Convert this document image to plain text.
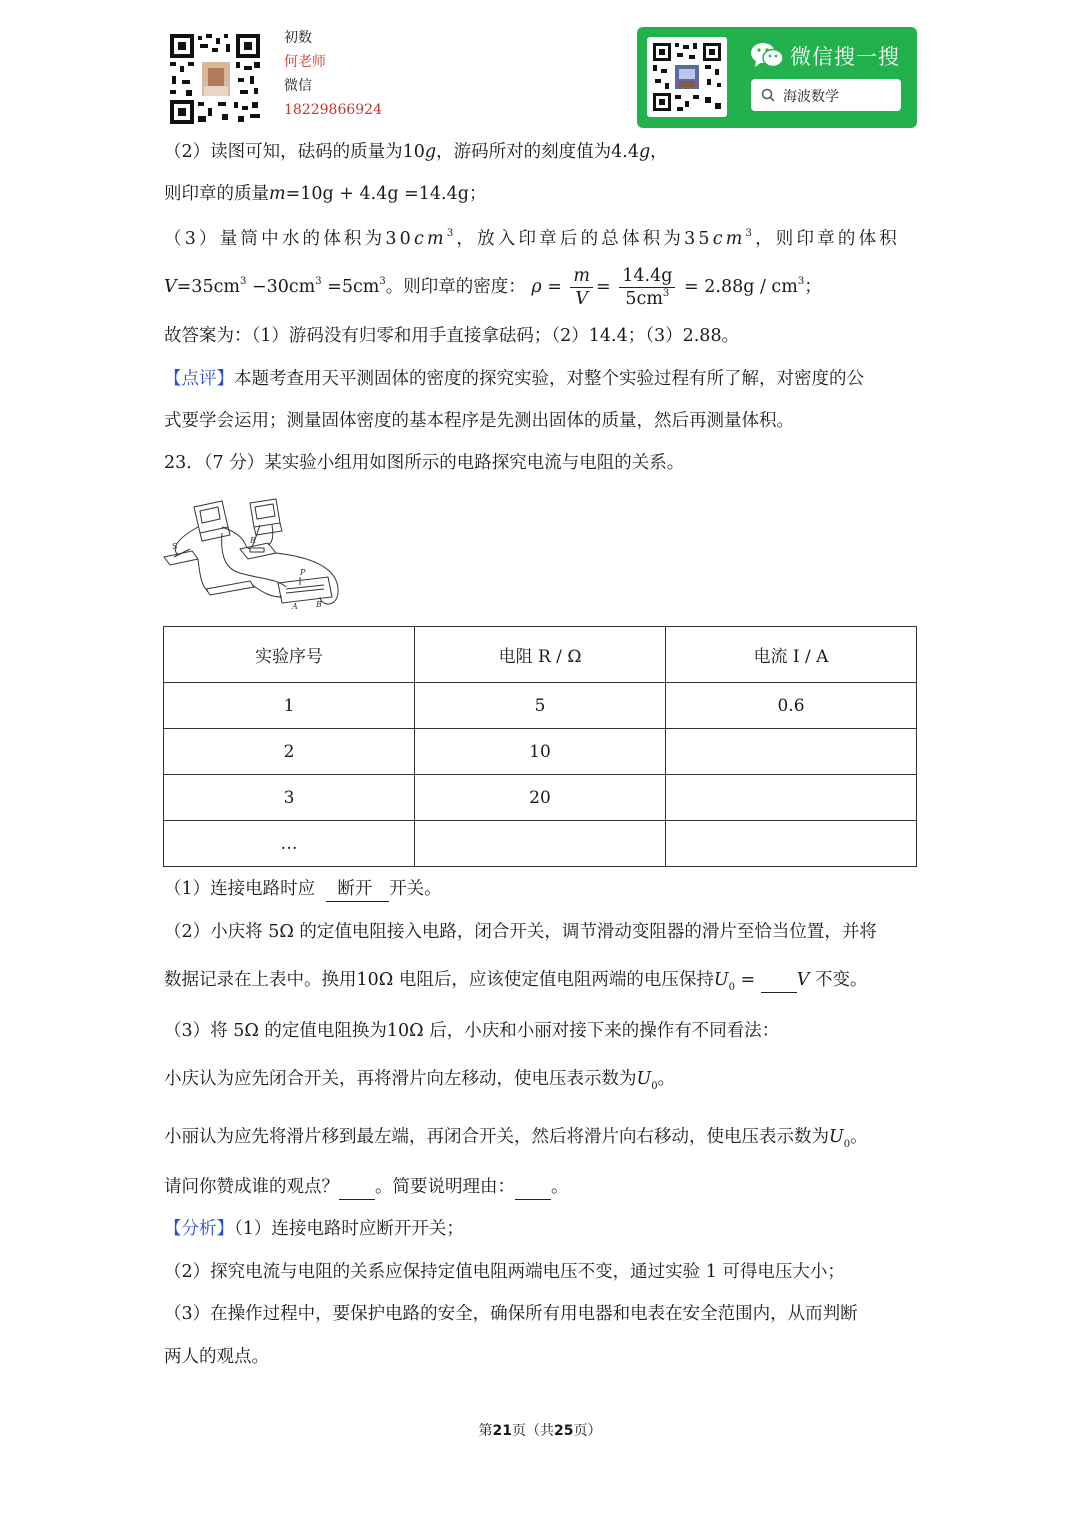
初数
何老师
微信
18229866924
微信搜一搜
海波数学
（2）读图可知，砝码的质量为10g，游码所对的刻度值为4.4g，
则印章的质量m=10g + 4.4g =14.4g；
（3）量筒中水的体积为$30cm^3$，放入印章后的总体积为$35cm^3$，则印章的体积
$V=35cm^3 -30cm^3 =5cm^3$。则印章的密度： $\rho = \frac{m}{V} = \frac{14.4g}{5cm^3} = 2.88g / cm^3$；
故答案为：（1）游码没有归零和用手直接拿砝码；（2）14.4；（3）2.88。
【点评】本题考查用天平测固体的密度的探究实验，对整个实验过程有所了解，对密度的公
式要学会运用；测量固体密度的基本程序是先测出固体的质量，然后再测量体积。
23．（7 分）某实验小组用如图所示的电路探究电流与电阻的关系。
S
R
P
A B
实验序号	电阻 R / Ω	电流 I / A
1	5	0.6
2	10	
3	20	
…		
（1）连接电路时应 断开 开关。
（2）小庆将 5Ω 的定值电阻接入电路，闭合开关，调节滑动变阻器的滑片至恰当位置，并将
数据记录在上表中。换用10Ω 电阻后，应该使定值电阻两端的电压保持$U_0 = V$ 不变。
（3）将 5Ω 的定值电阻换为10Ω 后，小庆和小丽对接下来的操作有不同看法：
小庆认为应先闭合开关，再将滑片向左移动，使电压表示数为$U_0$。
小丽认为应先将滑片移到最左端，再闭合开关，然后将滑片向右移动，使电压表示数为$U_0$。
请问你赞成谁的观点？ 。简要说明理由： 。
【分析】（1）连接电路时应断开开关；
（2）探究电流与电阻的关系应保持定值电阻两端电压不变，通过实验 1 可得电压大小；
（3）在操作过程中，要保护电路的安全，确保所有用电器和电表在安全范围内，从而判断
两人的观点。
第21页（共25页）
